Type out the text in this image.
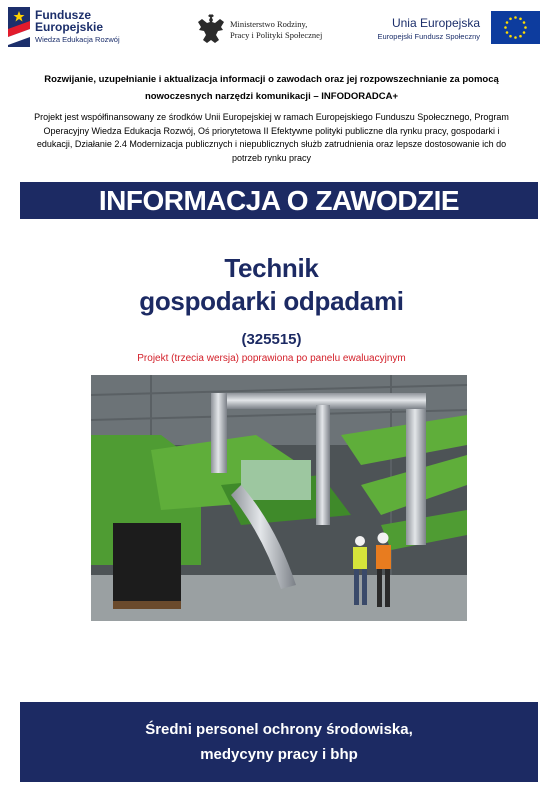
Fundusze
Europejskie
Wiedza Edukacja Rozwój
Ministerstwo Rodziny,
Pracy i Polityki Społecznej
Unia Europejska
Europejski Fundusz Społeczny
Rozwijanie, uzupełnianie i aktualizacja informacji o zawodach oraz jej rozpowszechnianie za pomocą nowoczesnych narzędzi komunikacji – INFODORADCA+
Projekt jest współfinansowany ze środków Unii Europejskiej w ramach Europejskiego Funduszu Społecznego, Program Operacyjny Wiedza Edukacja Rozwój, Oś priorytetowa II Efektywne polityki publiczne dla rynku pracy, gospodarki i edukacji, Działanie 2.4 Modernizacja publicznych i niepublicznych służb zatrudnienia oraz lepsze dostosowanie ich do potrzeb rynku pracy
INFORMACJA O ZAWODZIE
Technik
gospodarki odpadami
(325515)
Projekt (trzecia wersja) poprawiona po panelu ewaluacyjnym
Średni personel ochrony środowiska,
medycyny pracy i bhp
